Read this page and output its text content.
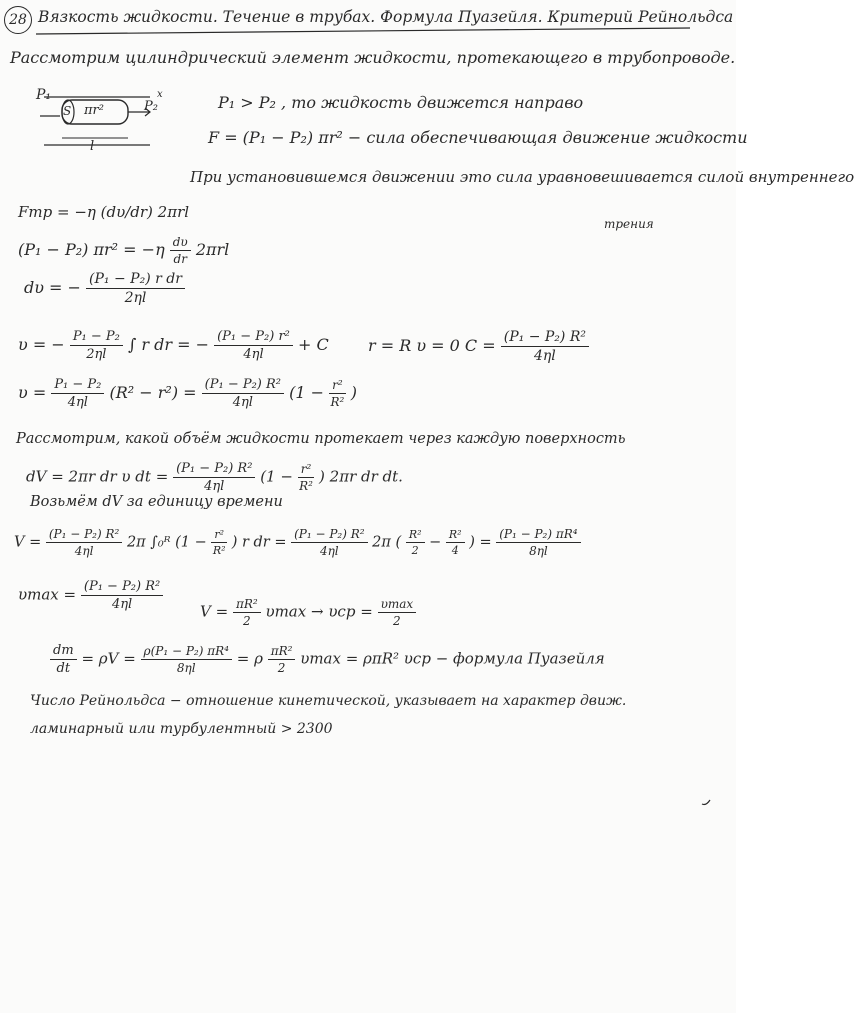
28 Вязкость жидкости. Течение в трубах. Формула Пуазейля. Критерий Рейнольдса
Рассмотрим цилиндрический элемент жидкости, протекающего в трубопроводе.
P₁
S πr²	P₂
x
l
P₁ > P₂ , то жидкость движется направо
F = (P₁ − P₂) πr² − сила обеспечивающая движение жидкости
При установившемся движении это сила уравновешивается силой внутреннего
трения
Fтр = −η (dυ/dr) 2πrl
(P₁ − P₂) $\pi r^2 = -\eta \frac{d\upsilon}{dr} 2\pi rl$
dυ = − $\frac{\text{(P₁ − P₂) r dr}}{2\eta l}$
υ = − $\frac{\text{P₁ − P₂}}{2\eta l}$ ∫ r dr = − $\frac{\text{(P₁ − P₂) r²}}{4\eta l} + C$ r = R υ = 0 $C = \frac{\text{(P₁ − P₂) R²}}{4\eta l}$
$\upsilon = \frac{\text{P₁ − P₂}}{4\eta l} (R^2 - r^2) = \frac{\text{(P₁ − P₂) R²}}{4\eta l} (1 - \frac{\text{r²}}{\text{R²}}$ )
Рассмотрим, какой объём жидкости протекает через каждую поверхность
dV = 2πr dr υ dt = $\frac{\text{(P₁ − P₂) R²}}{4\eta l} (1 - \frac{\text{r²}}{\text{R²}}$ ) 2πr dr dt.
Возьмём dV за единицу времени
$V = \frac{\text{(P₁ − P₂) R²}}{4\eta l} 2\pi$ ∫₀ᴿ ($1 - \frac{\text{r²}}{\text{R²}}$ ) r dr = $\frac{\text{(P₁ − P₂) R²}}{4\eta l} 2\pi$ ( $\frac{\text{R²}}{2} - \frac{\text{R²}}{4}$ ) = $\frac{\text{(P₁ − P₂) πR⁴}}{8\eta l}$
$\upsilon\max = \frac{\text{(P₁ − P₂) R²}}{4\eta l}$
$V = \frac{\text{πR²}}{2}$ $\upsilon\max \to \upsilon ср = \frac{\upsilon\max}{2}$
$\frac{dm}{dt} = \rho V = \frac{\text{ρ(P₁ − P₂) πR⁴}}{8\eta l} = \rho \frac{\text{πR²}}{2}$ υmax = ρπR² υср − формула Пуазейля
Число Рейнольдса − отношение кинетической, указывает на характер движ.
ламинарный или турбулентный > 2300
